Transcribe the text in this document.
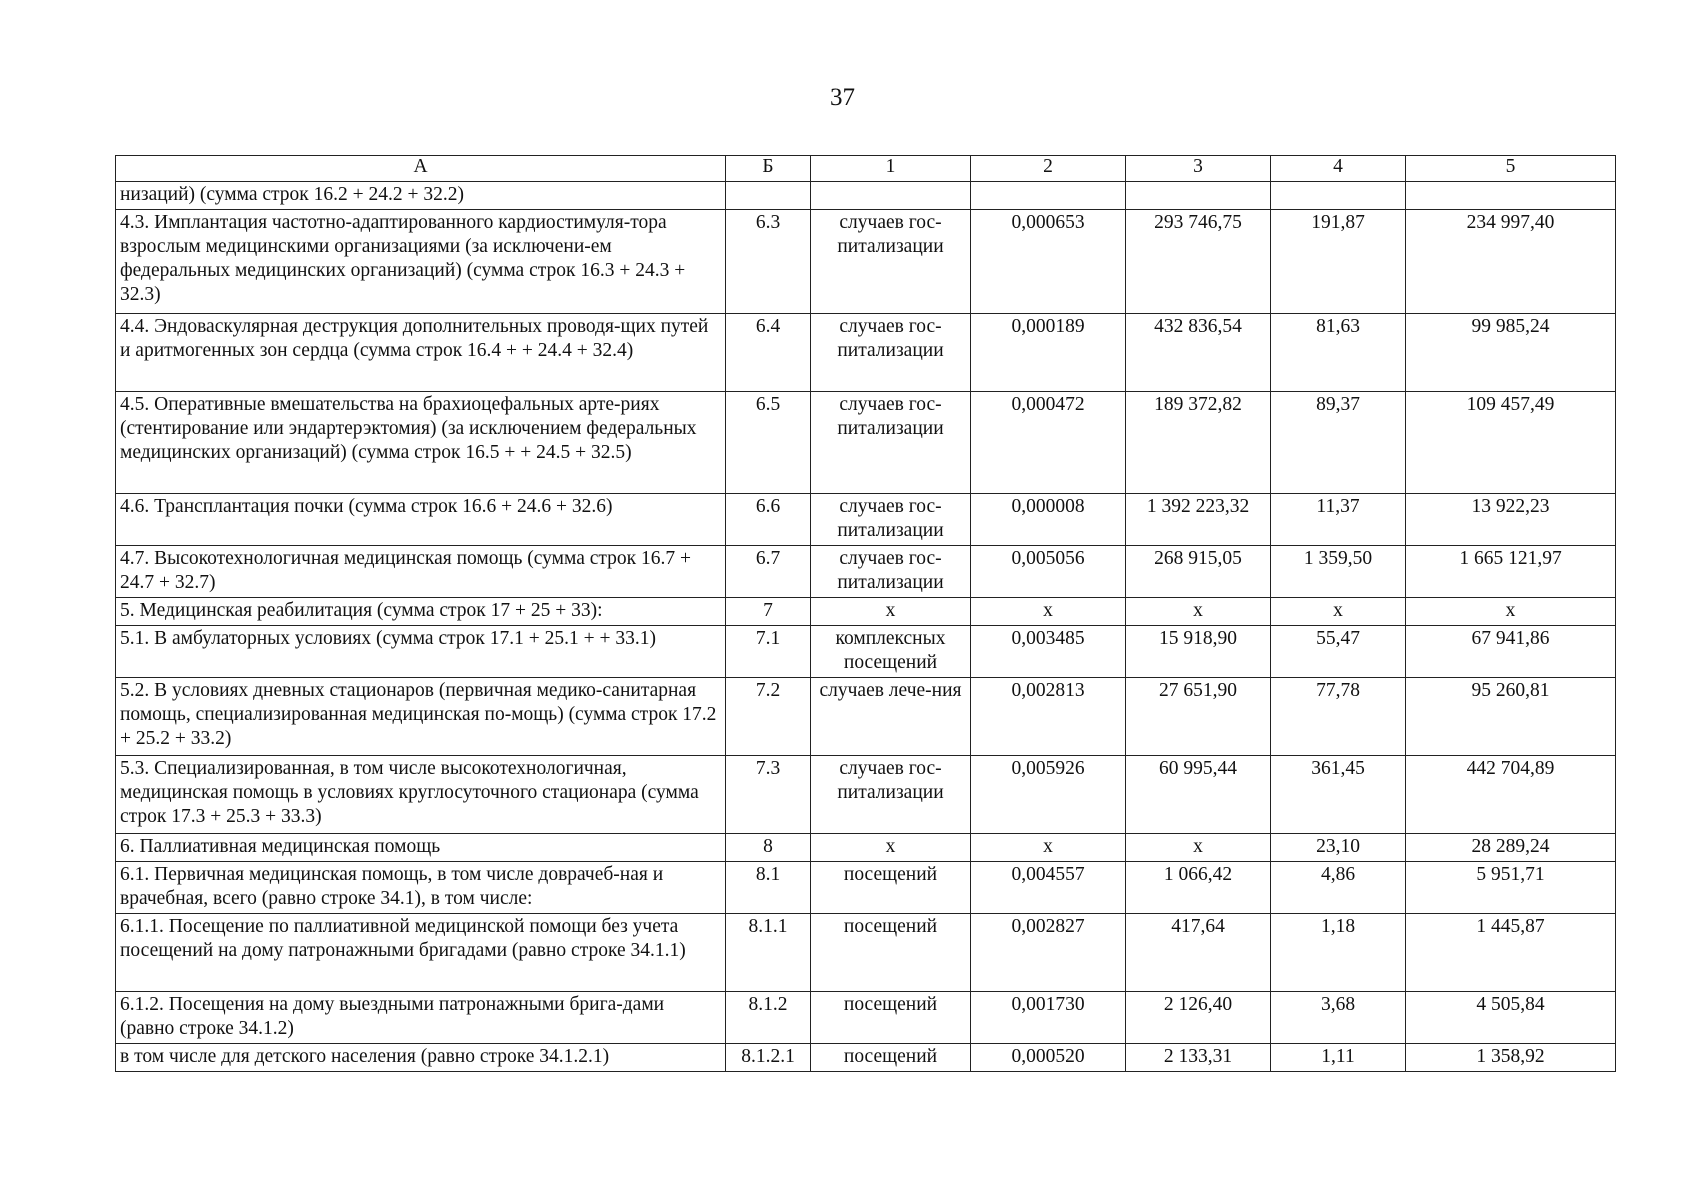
37
А	Б	1	2	3	4	5
низаций) (сумма строк 16.2 + 24.2 + 32.2)						
4.3. Имплантация частотно-адаптированного кардиостимуля-тора взрослым медицинскими организациями (за исключени-ем федеральных медицинских организаций) (сумма строк 16.3 + 24.3 + 32.3)	6.3	случаев гос-питализации	0,000653	293 746,75	191,87	234 997,40
4.4. Эндоваскулярная деструкция дополнительных проводя-щих путей и аритмогенных зон сердца (сумма строк 16.4 + + 24.4 + 32.4)	6.4	случаев гос-питализации	0,000189	432 836,54	81,63	99 985,24
4.5. Оперативные вмешательства на брахиоцефальных арте-риях (стентирование или эндартерэктомия) (за исключением федеральных медицинских организаций) (сумма строк 16.5 + + 24.5 + 32.5)	6.5	случаев гос-питализации	0,000472	189 372,82	89,37	109 457,49
4.6. Трансплантация почки (сумма строк 16.6 + 24.6 + 32.6)	6.6	случаев гос-питализации	0,000008	1 392 223,32	11,37	13 922,23
4.7. Высокотехнологичная медицинская помощь (сумма строк 16.7 + 24.7 + 32.7)	6.7	случаев гос-питализации	0,005056	268 915,05	1 359,50	1 665 121,97
5. Медицинская реабилитация (сумма строк 17 + 25 + 33):	7	х	х	х	х	х
5.1. В амбулаторных условиях (сумма строк 17.1 + 25.1 + + 33.1)	7.1	комплексных посещений	0,003485	15 918,90	55,47	67 941,86
5.2. В условиях дневных стационаров (первичная медико-санитарная помощь, специализированная медицинская по-мощь) (сумма строк 17.2 + 25.2 + 33.2)	7.2	случаев лече-ния	0,002813	27 651,90	77,78	95 260,81
5.3. Специализированная, в том числе высокотехнологичная, медицинская помощь в условиях круглосуточного стационара (сумма строк 17.3 + 25.3 + 33.3)	7.3	случаев гос-питализации	0,005926	60 995,44	361,45	442 704,89
6. Паллиативная медицинская помощь	8	х	х	х	23,10	28 289,24
6.1. Первичная медицинская помощь, в том числе доврачеб-ная и врачебная, всего (равно строке 34.1), в том числе:	8.1	посещений	0,004557	1 066,42	4,86	5 951,71
6.1.1. Посещение по паллиативной медицинской помощи без учета посещений на дому патронажными бригадами (равно строке 34.1.1)	8.1.1	посещений	0,002827	417,64	1,18	1 445,87
6.1.2. Посещения на дому выездными патронажными брига-дами (равно строке 34.1.2)	8.1.2	посещений	0,001730	2 126,40	3,68	4 505,84
в том числе для детского населения (равно строке 34.1.2.1)	8.1.2.1	посещений	0,000520	2 133,31	1,11	1 358,92
